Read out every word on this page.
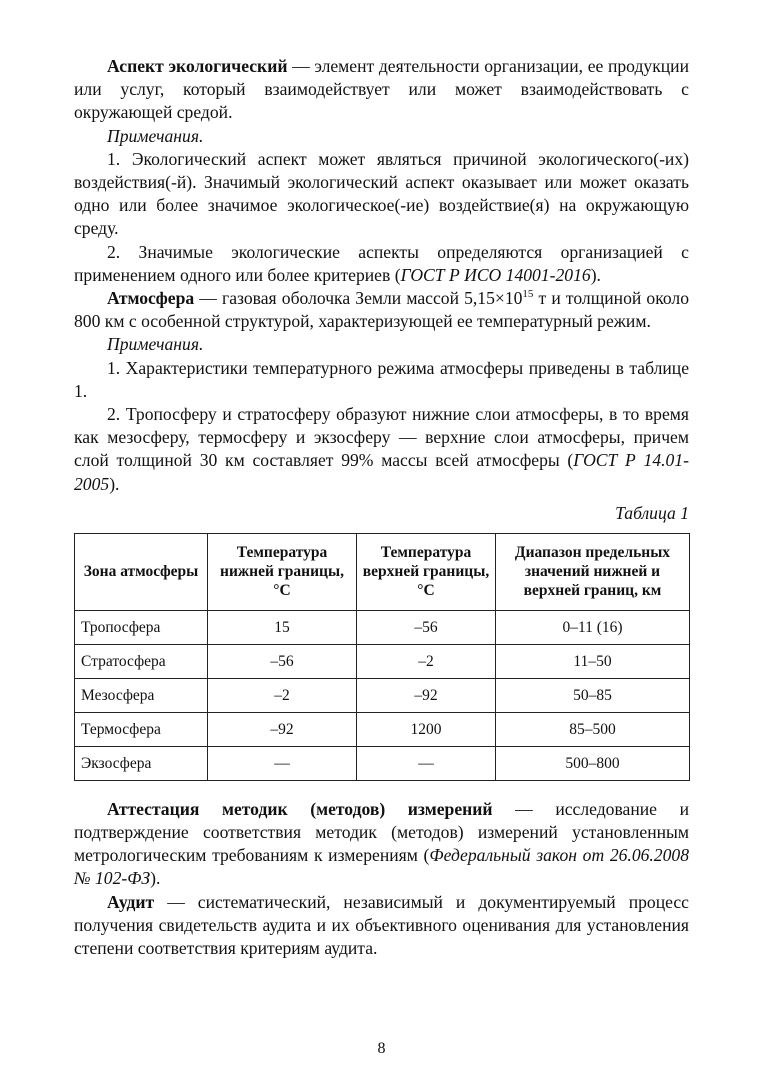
Аспект экологический — элемент деятельности организации, ее продукции или услуг, который взаимодействует или может взаимодействовать с окружающей средой.

Примечания.

1. Экологический аспект может являться причиной экологического(-их) воздействия(-й). Значимый экологический аспект оказывает или может оказать одно или более значимое экологическое(-ие) воздействие(я) на окружающую среду.

2. Значимые экологические аспекты определяются организацией с применением одного или более критериев (ГОСТ Р ИСО 14001-2016).

Атмосфера — газовая оболочка Земли массой $5,15\times 10^{15}$ т и толщиной около 800 км с особенной структурой, характеризующей ее температурный режим.

Примечания.

1. Характеристики температурного режима атмосферы приведены в таблице 1.

2. Тропосферу и стратосферу образуют нижние слои атмосферы, в то время как мезосферу, термосферу и экзосферу — верхние слои атмосферы, причем слой толщиной 30 км составляет 99% массы всей атмосферы (ГОСТ Р 14.01-2005).

Таблица 1
Зона атмосферы	Температура нижней границы, °С	Температура верхней границы, °С	Диапазон предельных значений нижней и верхней границ, км
Тропосфера	15	–56	0–11 (16)
Стратосфера	–56	–2	11–50
Мезосфера	–2	–92	50–85
Термосфера	–92	1200	85–500
Экзосфера	—	—	500–800

Аттестация методик (методов) измерений — исследование и подтверждение соответствия методик (методов) измерений установленным метрологическим требованиям к измерениям (Федеральный закон от 26.06.2008 № 102-ФЗ).

Аудит — систематический, независимый и документируемый процесс получения свидетельств аудита и их объективного оценивания для установления степени соответствия критериям аудита.

8
